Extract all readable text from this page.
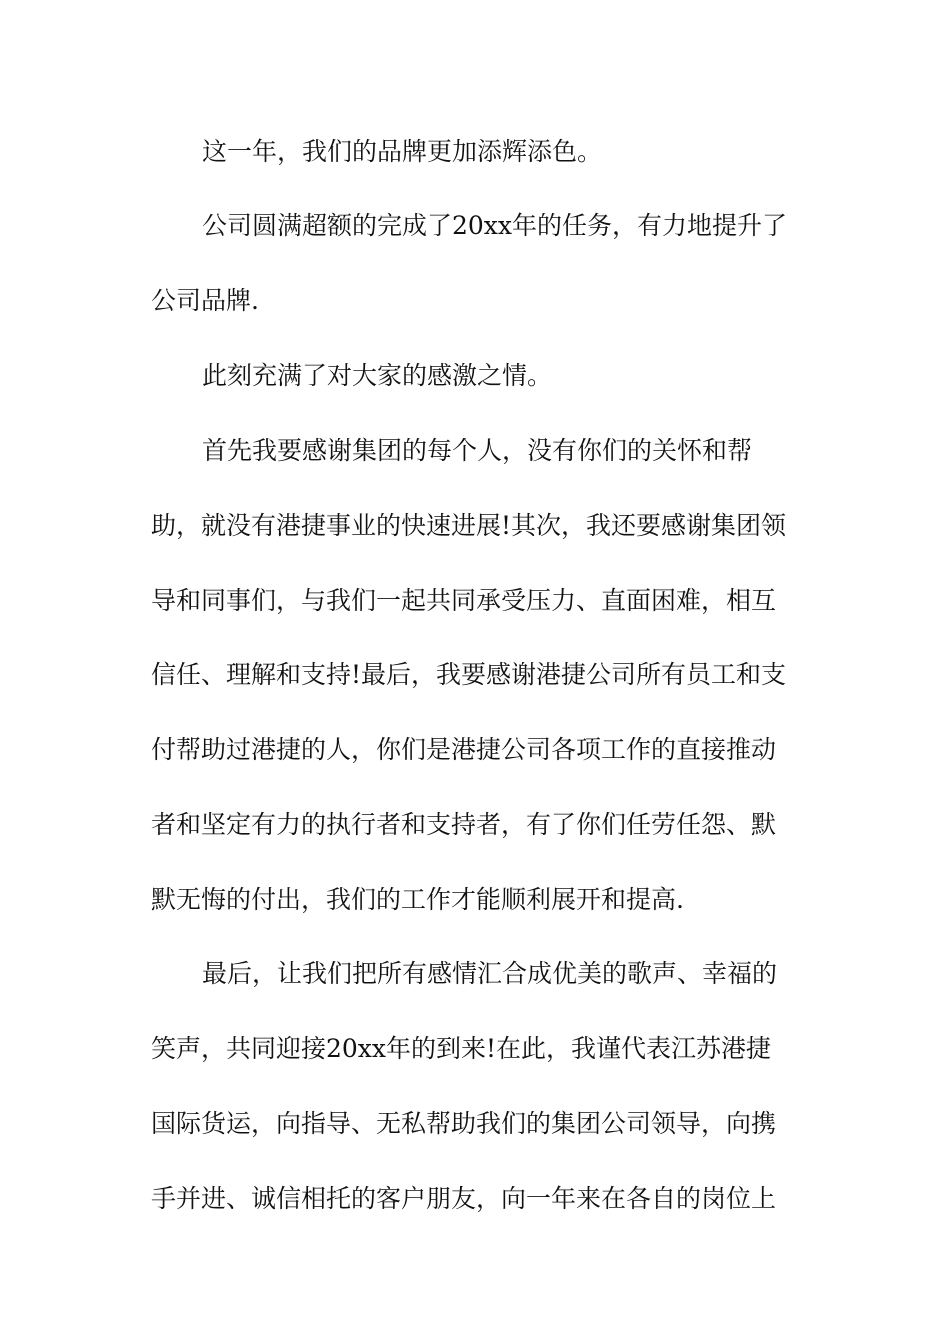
这一年，我们的品牌更加添辉添色。
公司圆满超额的完成了20xx年的任务，有力地提升了
公司品牌.
此刻充满了对大家的感激之情。
首先我要感谢集团的每个人，没有你们的关怀和帮
助，就没有港捷事业的快速进展!其次，我还要感谢集团领
导和同事们，与我们一起共同承受压力、直面困难，相互
信任、理解和支持!最后，我要感谢港捷公司所有员工和支
付帮助过港捷的人，你们是港捷公司各项工作的直接推动
者和坚定有力的执行者和支持者，有了你们任劳任怨、默
默无悔的付出，我们的工作才能顺利展开和提高.
最后，让我们把所有感情汇合成优美的歌声、幸福的
笑声，共同迎接20xx年的到来!在此，我谨代表江苏港捷
国际货运，向指导、无私帮助我们的集团公司领导，向携
手并进、诚信相托的客户朋友，向一年来在各自的岗位上
